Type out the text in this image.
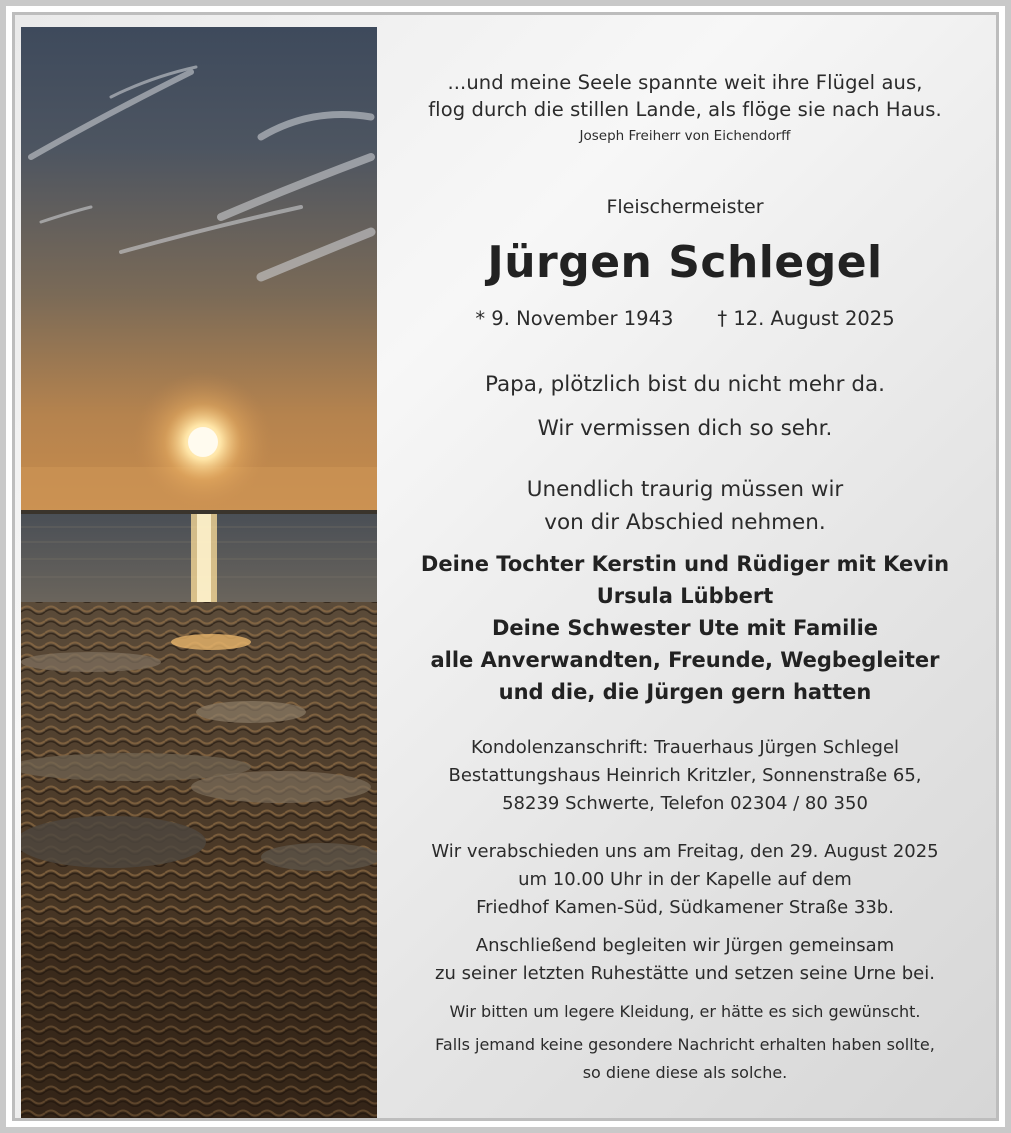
...und meine Seele spannte weit ihre Flügel aus,
flog durch die stillen Lande, als flöge sie nach Haus.
Joseph Freiherr von Eichendorff
Fleischermeister
Jürgen Schlegel
* 9. November 1943 † 12. August 2025
Papa, plötzlich bist du nicht mehr da.
Wir vermissen dich so sehr.
Unendlich traurig müssen wir
von dir Abschied nehmen.
Deine Tochter Kerstin und Rüdiger mit Kevin
Ursula Lübbert
Deine Schwester Ute mit Familie
alle Anverwandten, Freunde, Wegbegleiter
und die, die Jürgen gern hatten
Kondolenzanschrift: Trauerhaus Jürgen Schlegel
Bestattungshaus Heinrich Kritzler, Sonnenstraße 65,
58239 Schwerte, Telefon 02304 / 80 350
Wir verabschieden uns am Freitag, den 29. August 2025
um 10.00 Uhr in der Kapelle auf dem
Friedhof Kamen-Süd, Südkamener Straße 33b.
Anschließend begleiten wir Jürgen gemeinsam
zu seiner letzten Ruhestätte und setzen seine Urne bei.
Wir bitten um legere Kleidung, er hätte es sich gewünscht.
Falls jemand keine gesondere Nachricht erhalten haben sollte,
so diene diese als solche.
